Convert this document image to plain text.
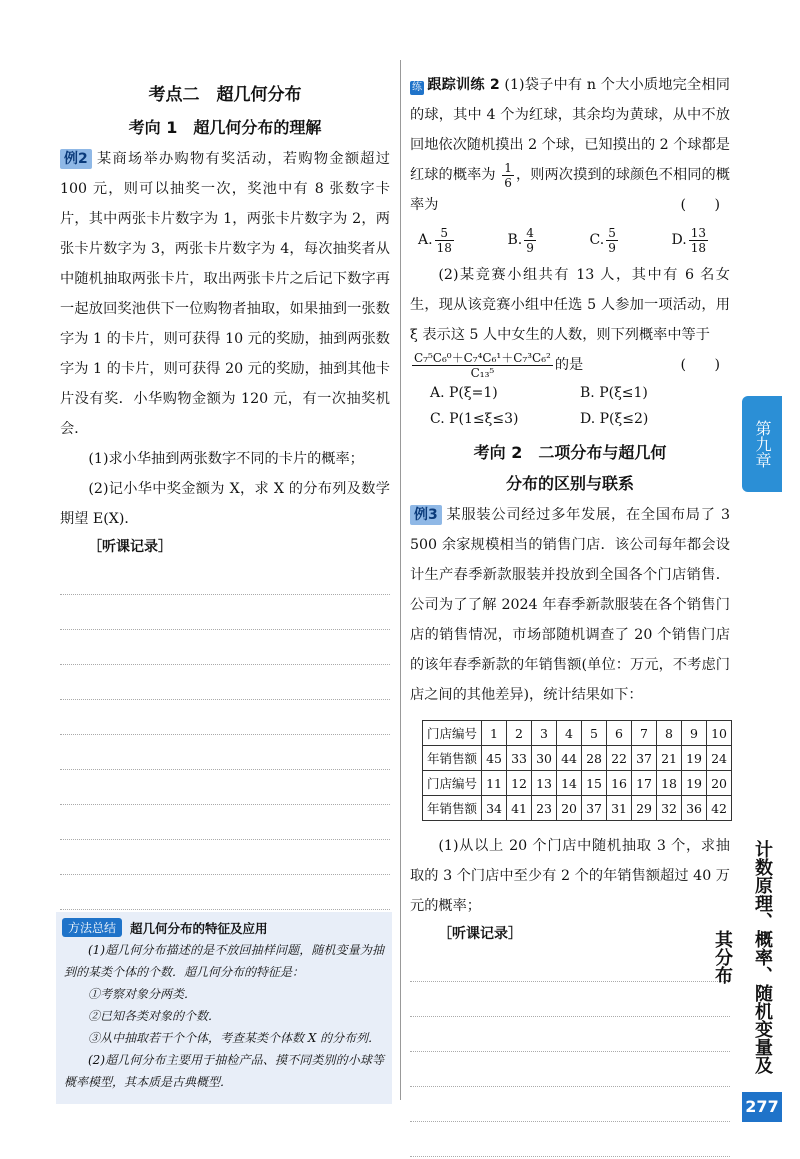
考点二　超几何分布
考向 1　超几何分布的理解

例2 某商场举办购物有奖活动，若购物金额超过 100 元，则可以抽奖一次，奖池中有 8 张数字卡片，其中两张卡片数字为 1，两张卡片数字为 2，两张卡片数字为 3，两张卡片数字为 4，每次抽奖者从中随机抽取两张卡片，取出两张卡片之后记下数字再一起放回奖池供下一位购物者抽取，如果抽到一张数字为 1 的卡片，则可获得 10 元的奖励，抽到两张数字为 1 的卡片，则可获得 20 元的奖励，抽到其他卡片没有奖．小华购物金额为 120 元，有一次抽奖机会．

(1)求小华抽到两张数字不同的卡片的概率；

(2)记小华中奖金额为 X，求 X 的分布列及数学期望 E(X)．

［听课记录］
方法总结	超几何分布的特征及应用

(1)超几何分布描述的是不放回抽样问题，随机变量为抽到的某类个体的个数．超几何分布的特征是：

①考察对象分两类．

②已知各类对象的个数．

③从中抽取若干个个体，考查某类个体数 X 的分布列．

(2)超几何分布主要用于抽检产品、摸不同类别的小球等概率模型，其本质是古典概型．

练 跟踪训练 2 (1)袋子中有 n 个大小质地完全相同的球，其中 4 个为红球，其余均为黄球，从中不放回地依次随机摸出 2 个球，已知摸出的 2 个球都是红球的概率为 $\frac{1}{6}$ ，则两次摸到的球颜色不相同的概率为	(　　)

A. $\frac{5}{18}$	B. $\frac{4}{9}$	C. $\frac{5}{9}$	D. $\frac{13}{18}$

(2)某竞赛小组共有 13 人，其中有 6 名女生，现从该竞赛小组中任选 5 人参加一项活动，用 ξ 表示这 5 人中女生的人数，则下列概率中等于

$\frac{\text{C₇⁵C₆⁰＋C₇⁴C₆¹＋C₇³C₆²}}{\text{C₁₃⁵}}$ 的是	(　　)

A. P(ξ=1)	B. P(ξ≤1)
C. P(1≤ξ≤3)	D. P(ξ≤2)
考向 2　二项分布与超几何
分布的区别与联系

例3 某服装公司经过多年发展，在全国布局了 3 500 余家规模相当的销售门店．该公司每年都会设计生产春季新款服装并投放到全国各个门店销售．公司为了了解 2024 年春季新款服装在各个销售门店的销售情况，市场部随机调查了 20 个销售门店的该年春季新款的年销售额(单位：万元，不考虑门店之间的其他差异)，统计结果如下：

门店编号	1	2	3	4	5	6	7	8	9	10
年销售额	45	33	30	44	28	22	37	21	19	24
门店编号	11	12	13	14	15	16	17	18	19	20
年销售额	34	41	23	20	37	31	29	32	36	42

(1)从以上 20 个门店中随机抽取 3 个，求抽取的 3 个门店中至少有 2 个的年销售额超过 40 万元的概率；

［听课记录］
第九章
计数原理、概率、随机变量及其分布
277
